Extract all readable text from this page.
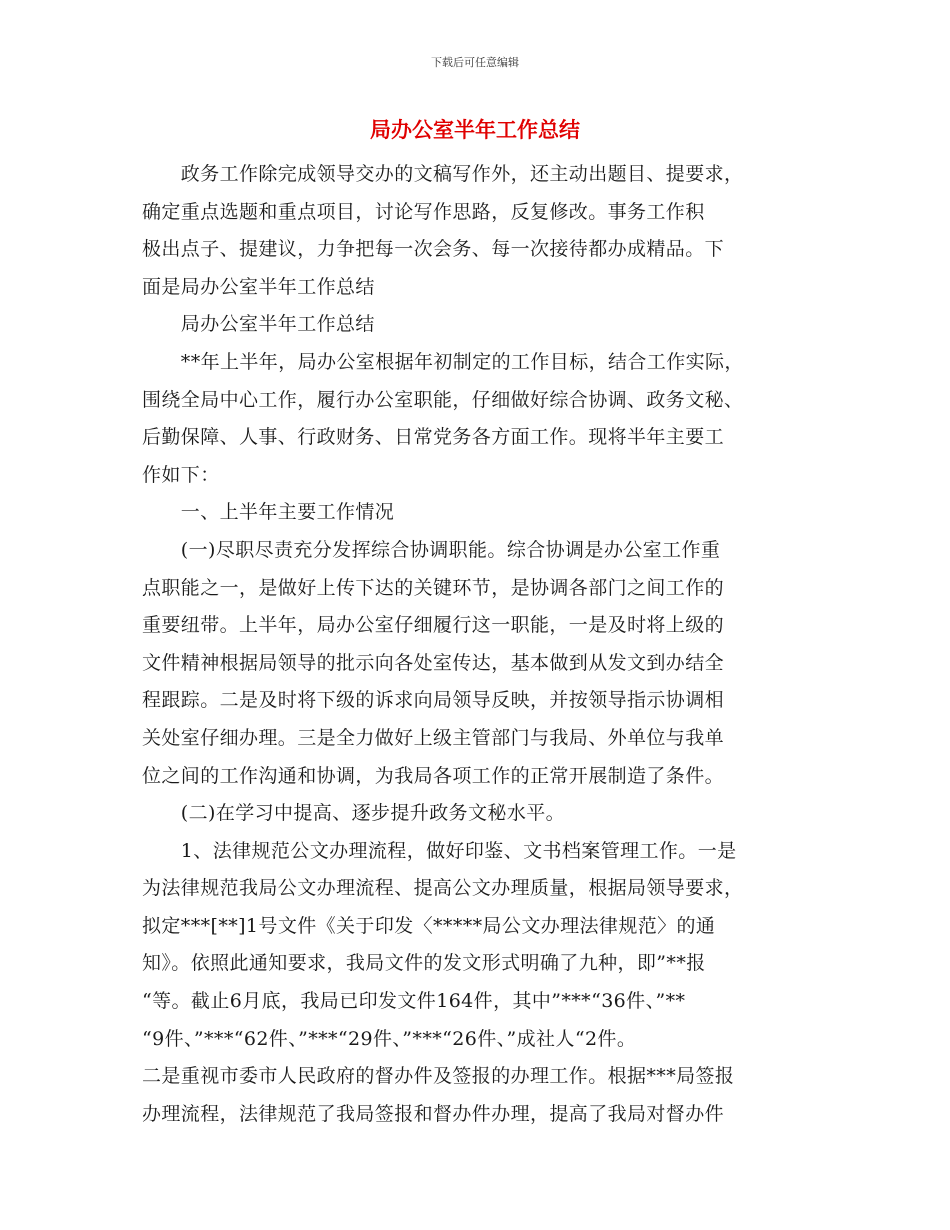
下载后可任意编辑
局办公室半年工作总结
　　政务工作除完成领导交办的文稿写作外，还主动出题目、提要求，
确定重点选题和重点项目，讨论写作思路，反复修改。事务工作积
极出点子、提建议，力争把每一次会务、每一次接待都办成精品。下
面是局办公室半年工作总结
　　局办公室半年工作总结
　　**年上半年，局办公室根据年初制定的工作目标，结合工作实际，
围绕全局中心工作，履行办公室职能，仔细做好综合协调、政务文秘、
后勤保障、人事、行政财务、日常党务各方面工作。现将半年主要工
作如下：
　　一、上半年主要工作情况
　　(一)尽职尽责充分发挥综合协调职能。综合协调是办公室工作重
点职能之一，是做好上传下达的关键环节，是协调各部门之间工作的
重要纽带。上半年，局办公室仔细履行这一职能，一是及时将上级的
文件精神根据局领导的批示向各处室传达，基本做到从发文到办结全
程跟踪。二是及时将下级的诉求向局领导反映，并按领导指示协调相
关处室仔细办理。三是全力做好上级主管部门与我局、外单位与我单
位之间的工作沟通和协调，为我局各项工作的正常开展制造了条件。
　　(二)在学习中提高、逐步提升政务文秘水平。
　　1、法律规范公文办理流程，做好印鉴、文书档案管理工作。一是
为法律规范我局公文办理流程、提高公文办理质量，根据局领导要求，
拟定***[**]1号文件《关于印发〈*****局公文办理法律规范〉的通
知》。依照此通知要求，我局文件的发文形式明确了九种，即”**报
“等。截止6月底，我局已印发文件164件，其中”***“36件、”**
“9件、”***“62件、”***“29件、”***“26件、”成社人“2件。
二是重视市委市人民政府的督办件及签报的办理工作。根据***局签报
办理流程，法律规范了我局签报和督办件办理，提高了我局对督办件
